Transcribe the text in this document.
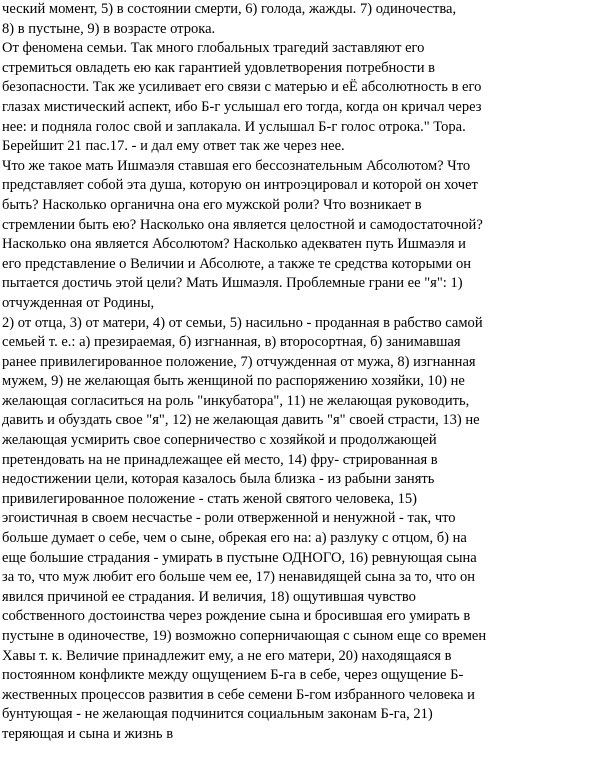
ческий момент, 5) в состоянии смерти, 6) голода, жажды. 7) одиночества,
8) в пустыне, 9) в возрасте отрока.
От феномена семьи. Так много глобальных трагедий заставляют его
стремиться овладеть ею как гарантией удовлетворения потребности в
безопасности. Так же усиливает его связи с матерью и еЁ абсолютность в его
глазах мистический аспект, ибо Б-г услышал его тогда, когда он кричал через
нее: и подняла голос свой и заплакала. И услышал Б-г голос отрока." Тора.
Берейшит 21 пас.17. - и дал ему ответ так же через нее.
Что же такое мать Ишмаэля ставшая его бессознательным Абсолютом? Что
представляет собой эта душа, которую он интроэцировал и которой он хочет
быть? Насколько органична она его мужской роли? Что возникает в
стремлении быть ею? Насколько она является целостной и самодостаточной?
Насколько она является Абсолютом? Насколько адекватен путь Ишмаэля и
его представление о Величии и Абсолюте, а также те средства которыми он
пытается достичь этой цели? Мать Ишмаэля. Проблемные грани ее "я": 1)
отчужденная от Родины,
2) от отца, 3) от матери, 4) от семьи, 5) насильно - проданная в рабство самой
семьей т. е.: а) презираемая, б) изгнанная, в) второсортная, б) занимавшая
ранее привилегированное положение, 7) отчужденная от мужа, 8) изгнанная
мужем, 9) не желающая быть женщиной по распоряжению хозяйки, 10) не
желающая согласиться на роль "инкубатора", 11) не желающая руководить,
давить и обуздать свое "я", 12) не желающая давить "я" своей страсти, 13) не
желающая усмирить свое соперничество с хозяйкой и продолжающей
претендовать на не принадлежащее ей место, 14) фру- стрированная в
недостижении цели, которая казалось была близка - из рабыни занять
привилегированное положение - стать женой святого человека, 15)
эгоистичная в своем несчастье - роли отверженной и ненужной - так, что
больше думает о себе, чем о сыне, обрекая его на: а) разлуку с отцом, б) на
еще большие страдания - умирать в пустыне ОДНОГО, 16) ревнующая сына
за то, что муж любит его больше чем ее, 17) ненавидящей сына за то, что он
явился причиной ее страдания. И величия, 18) ощутившая чувство
собственного достоинства через рождение сына и бросившая его умирать в
пустыне в одиночестве, 19) возможно соперничающая с сыном еще со времен
Хавы т. к. Величие принадлежит ему, а не его матери, 20) находящаяся в
постоянном конфликте между ощущением Б-га в себе, через ощущение Б-
жественных процессов развития в себе семени Б-гом избранного человека и
бунтующая - не желающая подчинится социальным законам Б-га, 21)
теряющая и сына и жизнь в
